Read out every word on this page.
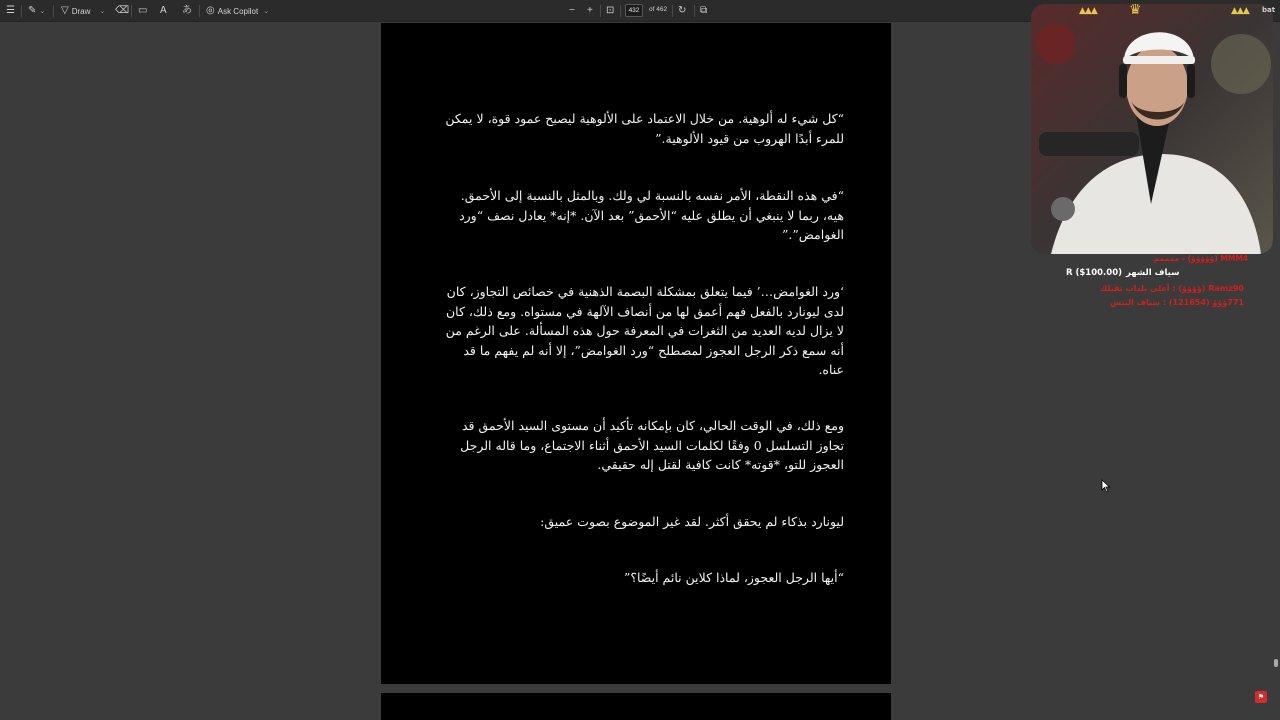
☰ ✎ ⌄ ▽ Draw ⌄ ⌫ ▭ A あ ◎ Ask Copilot ⌄	− + ⊡	432	of 462 ↻ ⧉

“كل شيء له ألوهية. من خلال الاعتماد على الألوهية ليصبح عمود قوة، لا يمكن للمرء أبدًا الهروب من قيود الألوهية.”

“في هذه النقطة، الأمر نفسه بالنسبة لي ولك. وبالمثل بالنسبة إلى الأحمق. هيه، ربما لا ينبغي أن يطلق عليه “الأحمق” بعد الآن. *إنه* يعادل نصف “ورد الغوامض”.”

‘ورد الغوامض…’ فيما يتعلق بمشكلة البصمة الذهنية في خصائص التجاوز، كان لدى ليونارد بالفعل فهم أعمق لها من أنصاف الآلهة في مستواه. ومع ذلك، كان لا يزال لديه العديد من الثغرات في المعرفة حول هذه المسألة. على الرغم من أنه سمع ذكر الرجل العجوز لمصطلح “ورد الغوامض”، إلا أنه لم يفهم ما قد عناه.

ومع ذلك، في الوقت الحالي، كان بإمكانه تأكيد أن مستوى السيد الأحمق قد تجاوز التسلسل 0 وفقًا لكلمات السيد الأحمق أثناء الاجتماع، وما قاله الرجل العجوز للتو، *قوته* كانت كافية لقتل إله حقيقي.

ليونارد بذكاء لم يحقق أكثر. لقد غير الموضوع بصوت عميق:

“أيها الرجل العجوز، لماذا كلاين نائم أيضًا؟”

▲▲▲ ♛	▲▲▲ bat
MMM4 (ؤؤؤؤؤ) - ممممم
R ($100.00) سياف الشهر
Ramz90 (ؤؤؤؤ) : أعلى بلدات تقبلك
771ؤؤؤ (121654) : سياف البتس
⚑
